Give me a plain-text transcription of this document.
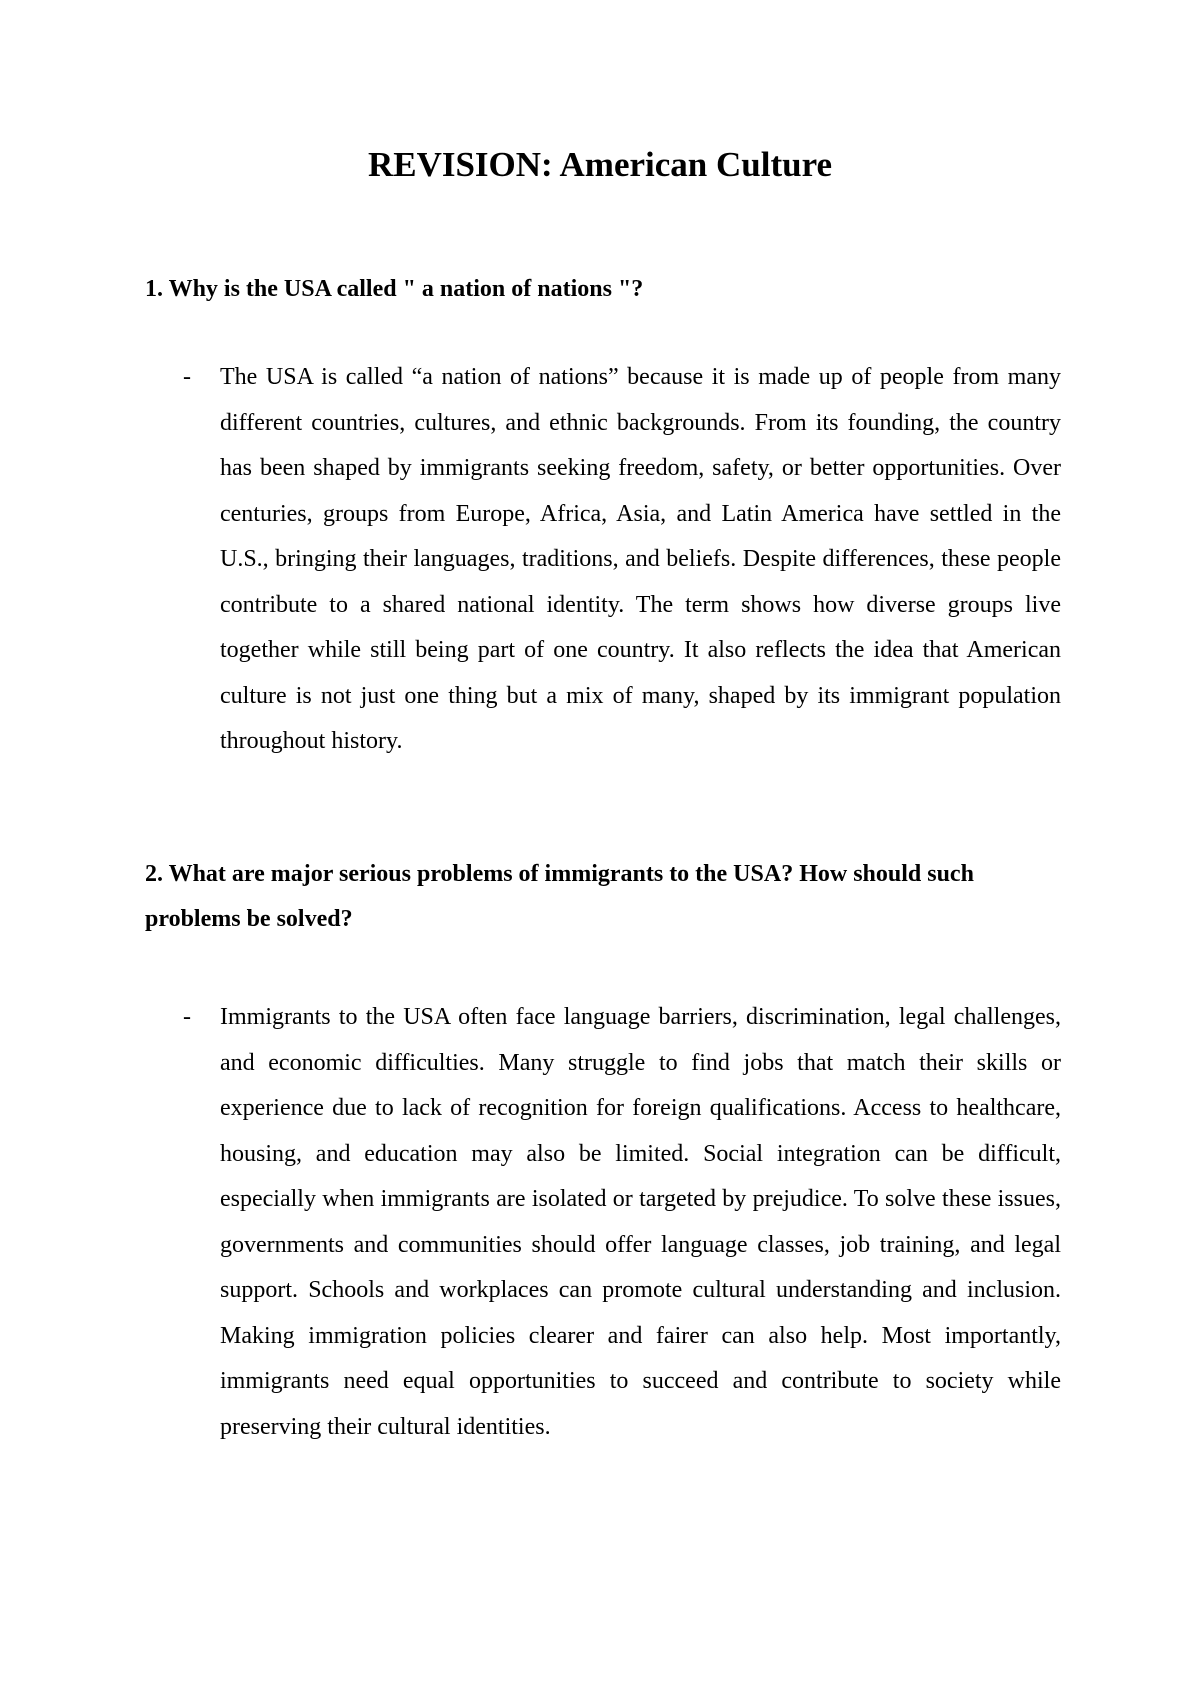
REVISION: American Culture

1. Why is the USA called " a nation of nations "?

- The USA is called “a nation of nations” because it is made up of people from many different countries, cultures, and ethnic backgrounds. From its founding, the country has been shaped by immigrants seeking freedom, safety, or better opportunities. Over centuries, groups from Europe, Africa, Asia, and Latin America have settled in the U.S., bringing their languages, traditions, and beliefs. Despite differences, these people contribute to a shared national identity. The term shows how diverse groups live together while still being part of one country. It also reflects the idea that American culture is not just one thing but a mix of many, shaped by its immigrant population throughout history.

2. What are major serious problems of immigrants to the USA? How should such problems be solved?

- Immigrants to the USA often face language barriers, discrimination, legal challenges, and economic difficulties. Many struggle to find jobs that match their skills or experience due to lack of recognition for foreign qualifications. Access to healthcare, housing, and education may also be limited. Social integration can be difficult, especially when immigrants are isolated or targeted by prejudice. To solve these issues, governments and communities should offer language classes, job training, and legal support. Schools and workplaces can promote cultural understanding and inclusion. Making immigration policies clearer and fairer can also help. Most importantly, immigrants need equal opportunities to succeed and contribute to society while preserving their cultural identities.
